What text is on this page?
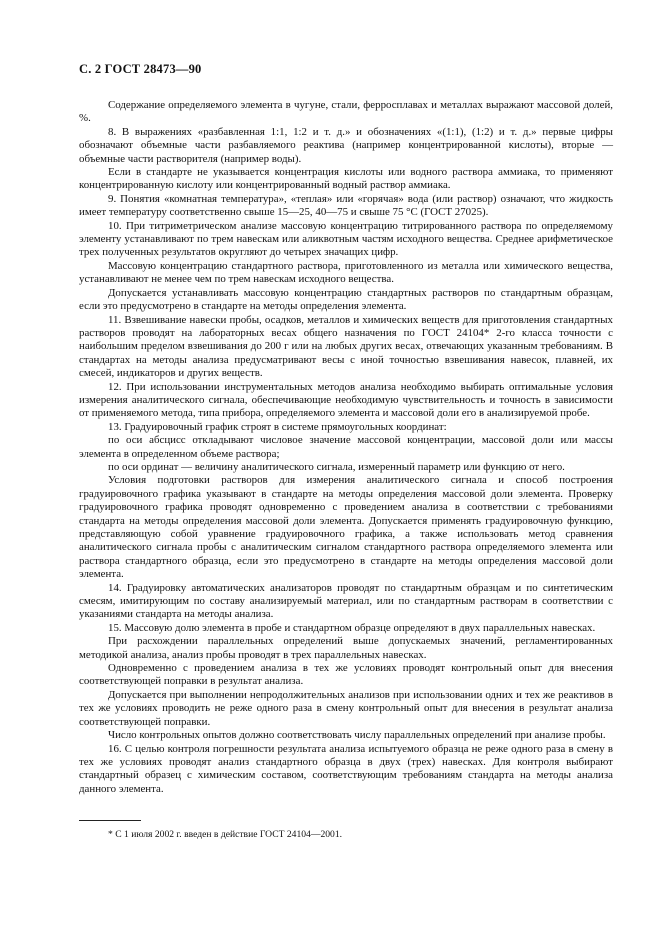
С. 2 ГОСТ 28473—90

Содержание определяемого элемента в чугуне, стали, ферросплавах и металлах выражают массовой долей, %.

8. В выражениях «разбавленная 1:1, 1:2 и т. д.» и обозначениях «(1:1), (1:2) и т. д.» первые цифры обозначают объемные части разбавляемого реактива (например концентрированной кислоты), вторые — объемные части растворителя (например воды).

Если в стандарте не указывается концентрация кислоты или водного раствора аммиака, то применяют концентрированную кислоту или концентрированный водный раствор аммиака.

9. Понятия «комнатная температура», «теплая» или «горячая» вода (или раствор) означают, что жидкость имеет температуру соответственно свыше 15—25, 40—75 и свыше 75 °С (ГОСТ 27025).

10. При титриметрическом анализе массовую концентрацию титрированного раствора по определяемому элементу устанавливают по трем навескам или аликвотным частям исходного вещества. Среднее арифметическое трех полученных результатов округляют до четырех значащих цифр.

Массовую концентрацию стандартного раствора, приготовленного из металла или химического вещества, устанавливают не менее чем по трем навескам исходного вещества.

Допускается устанавливать массовую концентрацию стандартных растворов по стандартным образцам, если это предусмотрено в стандарте на методы определения элемента.

11. Взвешивание навески пробы, осадков, металлов и химических веществ для приготовления стандартных растворов проводят на лабораторных весах общего назначения по ГОСТ 24104* 2-го класса точности с наибольшим пределом взвешивания до 200 г или на любых других весах, отвечающих указанным требованиям. В стандартах на методы анализа предусматривают весы с иной точностью взвешивания навесок, плавней, их смесей, индикаторов и других веществ.

12. При использовании инструментальных методов анализа необходимо выбирать оптимальные условия измерения аналитического сигнала, обеспечивающие необходимую чувствительность и точность в зависимости от применяемого метода, типа прибора, определяемого элемента и массовой доли его в анализируемой пробе.

13. Градуировочный график строят в системе прямоугольных координат:

по оси абсцисс откладывают числовое значение массовой концентрации, массовой доли или массы элемента в определенном объеме раствора;

по оси ординат — величину аналитического сигнала, измеренный параметр или функцию от него.

Условия подготовки растворов для измерения аналитического сигнала и способ построения градуировочного графика указывают в стандарте на методы определения массовой доли элемента. Проверку градуировочного графика проводят одновременно с проведением анализа в соответствии с требованиями стандарта на методы определения массовой доли элемента. Допускается применять градуировочную функцию, представляющую собой уравнение градуировочного графика, а также использовать метод сравнения аналитического сигнала пробы с аналитическим сигналом стандартного раствора определяемого элемента или раствора стандартного образца, если это предусмотрено в стандарте на методы определения массовой доли элемента.

14. Градуировку автоматических анализаторов проводят по стандартным образцам и по синтетическим смесям, имитирующим по составу анализируемый материал, или по стандартным растворам в соответствии с указаниями стандарта на методы анализа.

15. Массовую долю элемента в пробе и стандартном образце определяют в двух параллельных навесках.

При расхождении параллельных определений выше допускаемых значений, регламентированных методикой анализа, анализ пробы проводят в трех параллельных навесках.

Одновременно с проведением анализа в тех же условиях проводят контрольный опыт для внесения соответствующей поправки в результат анализа.

Допускается при выполнении непродолжительных анализов при использовании одних и тех же реактивов в тех же условиях проводить не реже одного раза в смену контрольный опыт для внесения в результат анализа соответствующей поправки.

Число контрольных опытов должно соответствовать числу параллельных определений при анализе пробы.

16. С целью контроля погрешности результата анализа испытуемого образца не реже одного раза в смену в тех же условиях проводят анализ стандартного образца в двух (трех) навесках. Для контроля выбирают стандартный образец с химическим составом, соответствующим требованиям стандарта на методы анализа данного элемента.

* С 1 июля 2002 г. введен в действие ГОСТ 24104—2001.
